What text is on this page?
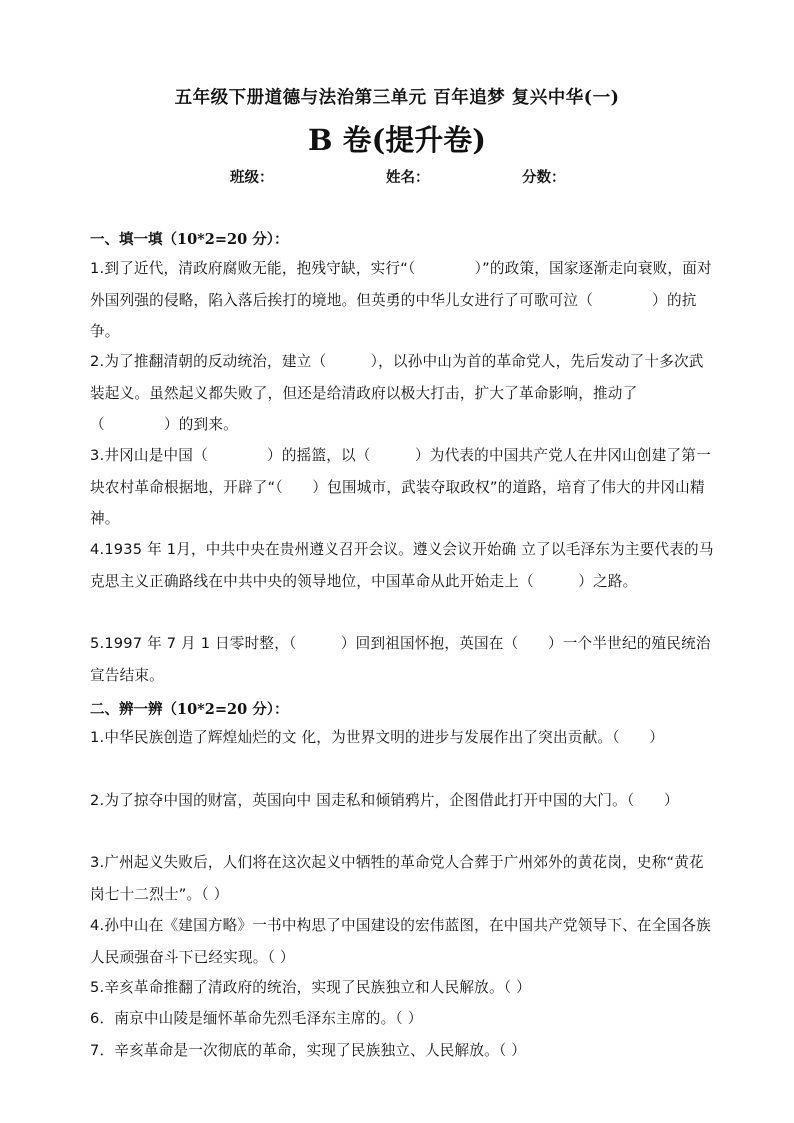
五年级下册道德与法治第三单元 百年追梦 复兴中华(一)
B 卷(提升卷)
班级：	姓名：	分数：
一、填一填（10*2=20 分）：
1.到了近代，清政府腐败无能，抱残守缺，实行“（　　　　）”的政策，国家逐渐走向衰败，面对外国列强的侵略，陷入落后挨打的境地。但英勇的中华儿女进行了可歌可泣（　　　　）的抗争。
2.为了推翻清朝的反动统治，建立（　　　），以孙中山为首的革命党人，先后发动了十多次武装起义。虽然起义都失败了，但还是给清政府以极大打击，扩大了革命影响，推动了（　　　　）的到来。
3.井冈山是中国（　　　　）的摇篮，以（　　　）为代表的中国共产党人在井冈山创建了第一块农村革命根据地，开辟了“（　　）包围城市，武装夺取政权”的道路，培育了伟大的井冈山精神。
4.1935 年 1月，中共中央在贵州遵义召开会议。遵义会议开始确 立了以毛泽东为主要代表的马克思主义正确路线在中共中央的领导地位，中国革命从此开始走上（　　　）之路。
5.1997 年 7 月 1 日零时整，（　　　）回到祖国怀抱，英国在（　　）一个半世纪的殖民统治宣告结束。
二、辨一辨（10*2=20 分）：
1.中华民族创造了辉煌灿烂的文 化，为世界文明的进步与发展作出了突出贡献。（　　）
2.为了掠夺中国的财富，英国向中 国走私和倾销鸦片，企图借此打开中国的大门。（　　）
3.广州起义失败后，人们将在这次起义中牺牲的革命党人合葬于广州郊外的黄花岗，史称“黄花岗七十二烈士”。（ ）
4.孙中山在《建国方略》一书中构思了中国建设的宏伟蓝图，在中国共产党领导下、在全国各族人民顽强奋斗下已经实现。（ ）
5.辛亥革命推翻了清政府的统治，实现了民族独立和人民解放。（ ）
6．南京中山陵是缅怀革命先烈毛泽东主席的。（ ）
7．辛亥革命是一次彻底的革命，实现了民族独立、人民解放。（ ）
